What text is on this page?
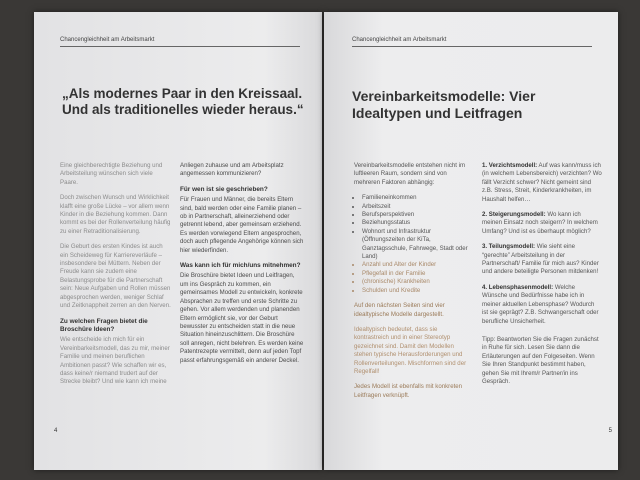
Chancengleichheit am Arbeitsmarkt
„Als modernes Paar in den Kreissaal. Und als traditionelles wieder heraus.“

Eine gleichberechtigte Beziehung und Arbeitsteilung wünschen sich viele Paare.

Doch zwischen Wunsch und Wirklichkeit klafft eine große Lücke – vor allem wenn Kinder in die Beziehung kommen. Dann kommt es bei der Rollenverteilung häufig zu einer Retraditionalisierung.

Die Geburt des ersten Kindes ist auch ein Scheideweg für Karriereverläufe – insbesondere bei Müttern. Neben der Freude kann sie zudem eine Belastungsprobe für die Partnerschaft sein: Neue Aufgaben und Rollen müssen abgesprochen werden, weniger Schlaf und Zeitknappheit zerren an den Nerven.

Zu welchen Fragen bietet die Broschüre Ideen?

Wie entscheide ich mich für ein Vereinbarkeitsmodell, das zu mir, meiner Familie und meinen beruflichen Ambitionen passt? Wie schaffen wir es, dass keine/r niemand trudert auf der Strecke bleibt? Und wie kann ich meine

Anliegen zuhause und am Arbeitsplatz angemessen kommunizieren?

Für wen ist sie geschrieben?

Für Frauen und Männer, die bereits Eltern sind, bald werden oder eine Familie planen – ob in Partnerschaft, alleinerziehend oder getrennt lebend, aber gemeinsam erziehend. Es werden vorwiegend Eltern angesprochen, doch auch pflegende Angehörige können sich hier wiederfinden.

Was kann ich für mich/uns mitnehmen?

Die Broschüre bietet Ideen und Leitfragen, um ins Gespräch zu kommen, ein gemeinsames Modell zu entwickeln, konkrete Absprachen zu treffen und erste Schritte zu gehen. Vor allem werdenden und planenden Eltern ermöglicht sie, vor der Geburt bewusster zu entscheiden statt in die neue Situation hineinzuschlittern. Die Broschüre soll anregen, nicht belehren. Es werden keine Patentrezepte vermittelt, denn auf jeden Topf passt erfahrungsgemäß ein anderer Deckel.

4
Chancengleichheit am Arbeitsmarkt
Vereinbarkeitsmodelle: Vier Idealtypen und Leitfragen

Vereinbarkeitsmodelle entstehen nicht im luftleeren Raum, sondern sind von mehreren Faktoren abhängig:

• Familieneinkommen
• Arbeitszeit
• Berufsperspektiven
• Beziehungsstatus
• Wohnort und Infrastruktur (Öffnungszeiten der KiTa, Ganztagsschule, Fahrwege, Stadt oder Land)
• Anzahl und Alter der Kinder
• Pflegefall in der Familie
• (chronische) Krankheiten
• Schulden und Kredite

Auf den nächsten Seiten sind vier idealtypische Modelle dargestellt.

Idealtypisch bedeutet, dass sie kontrastreich und in einer Stereotyp gezeichnet sind. Damit den Modellen stehen typische Herausforderungen und Rollenverteilungen. Mischformen sind der Regelfall!

Jedes Modell ist ebenfalls mit konkreten Leitfragen verknüpft.

1. Verzichtsmodell: Auf was kann/muss ich (in welchem Lebensbereich) verzichten? Wo fällt Verzicht schwer? Nicht gemeint sind z.B. Stress, Streit, Kinderkrankheiten, im Haushalt helfen…

2. Steigerungsmodell: Wo kann ich meinen Einsatz noch steigern? In welchem Umfang? Und ist es überhaupt möglich?

3. Teilungsmodell: Wie sieht eine “gerechte” Arbeitsteilung in der Partnerschaft/ Familie für mich aus? Kinder und andere beteiligte Personen mitdenken!

4. Lebensphasenmodell: Welche Wünsche und Bedürfnisse habe ich in meiner aktuellen Lebensphase? Wodurch ist sie geprägt? Z.B. Schwangerschaft oder berufliche Unsicherheit.

Tipp: Beantworten Sie die Fragen zunächst in Ruhe für sich. Lesen Sie dann die Erläuterungen auf den Folgeseiten. Wenn Sie Ihren Standpunkt bestimmt haben, gehen Sie mit Ihrem/r Partner/in ins Gespräch.

5
